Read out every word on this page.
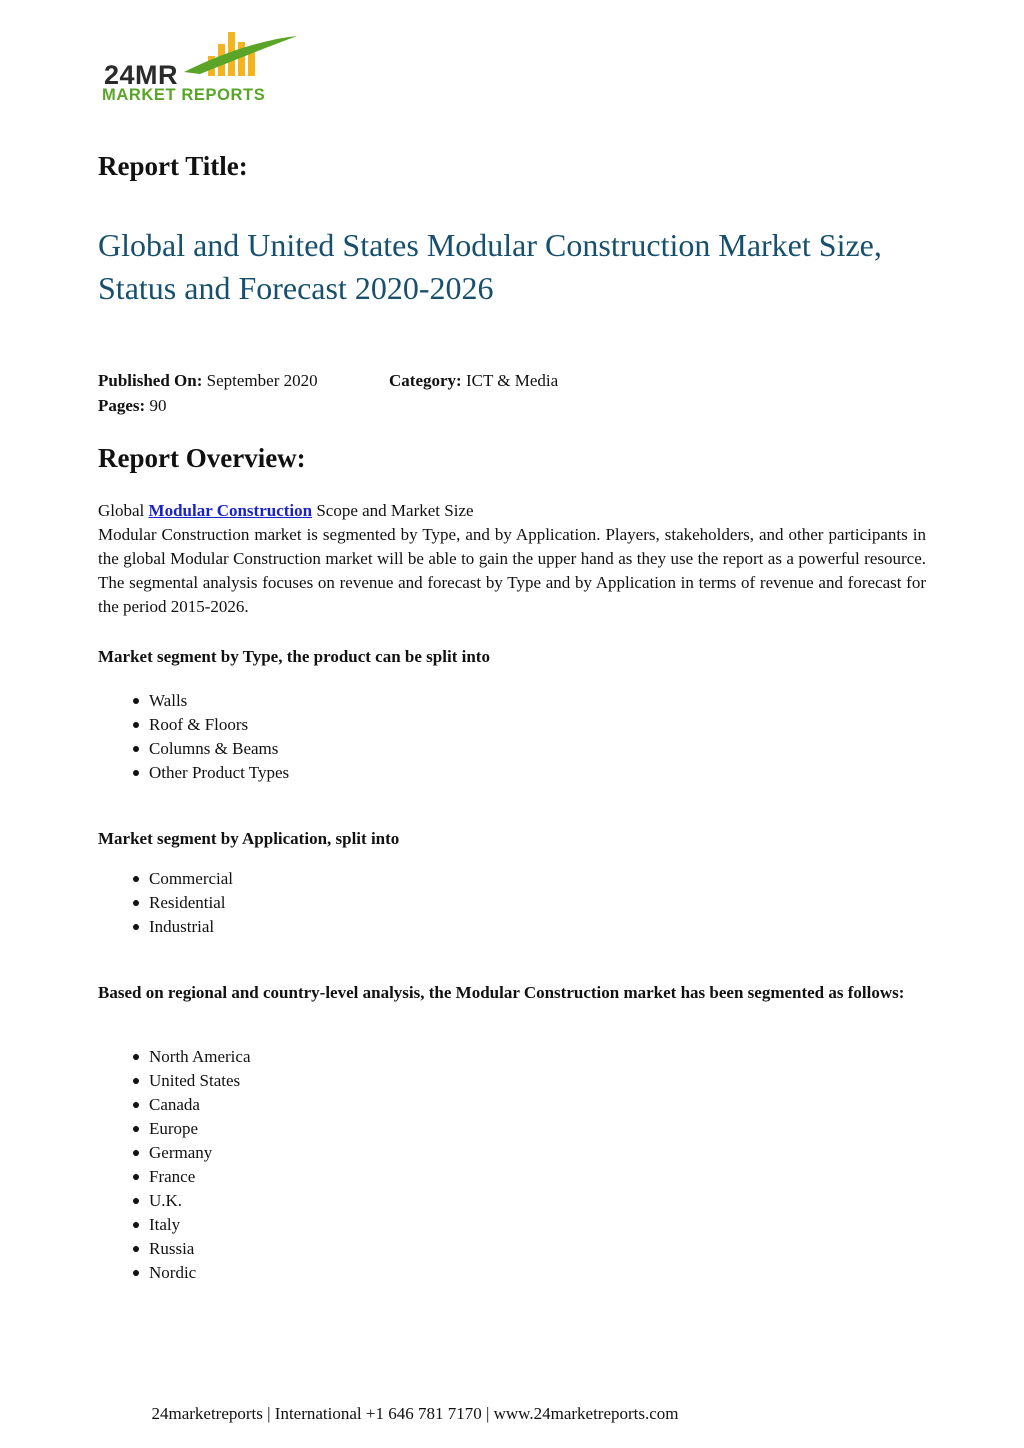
24MR
MARKET REPORTS
Report Title:
Global and United States Modular Construction Market Size, Status and Forecast 2020-2026
Published On: September 2020	Category: ICT & Media
Pages: 90
Report Overview:
Global Modular Construction Scope and Market Size
Modular Construction market is segmented by Type, and by Application. Players, stakeholders, and other participants in the global Modular Construction market will be able to gain the upper hand as they use the report as a powerful resource. The segmental analysis focuses on revenue and forecast by Type and by Application in terms of revenue and forecast for the period 2015-2026.
Market segment by Type, the product can be split into
Walls
Roof & Floors
Columns & Beams
Other Product Types
Market segment by Application, split into
Commercial
Residential
Industrial
Based on regional and country-level analysis, the Modular Construction market has been segmented as follows:
North America
United States
Canada
Europe
Germany
France
U.K.
Italy
Russia
Nordic
24marketreports | International +1 646 781 7170 | www.24marketreports.com
